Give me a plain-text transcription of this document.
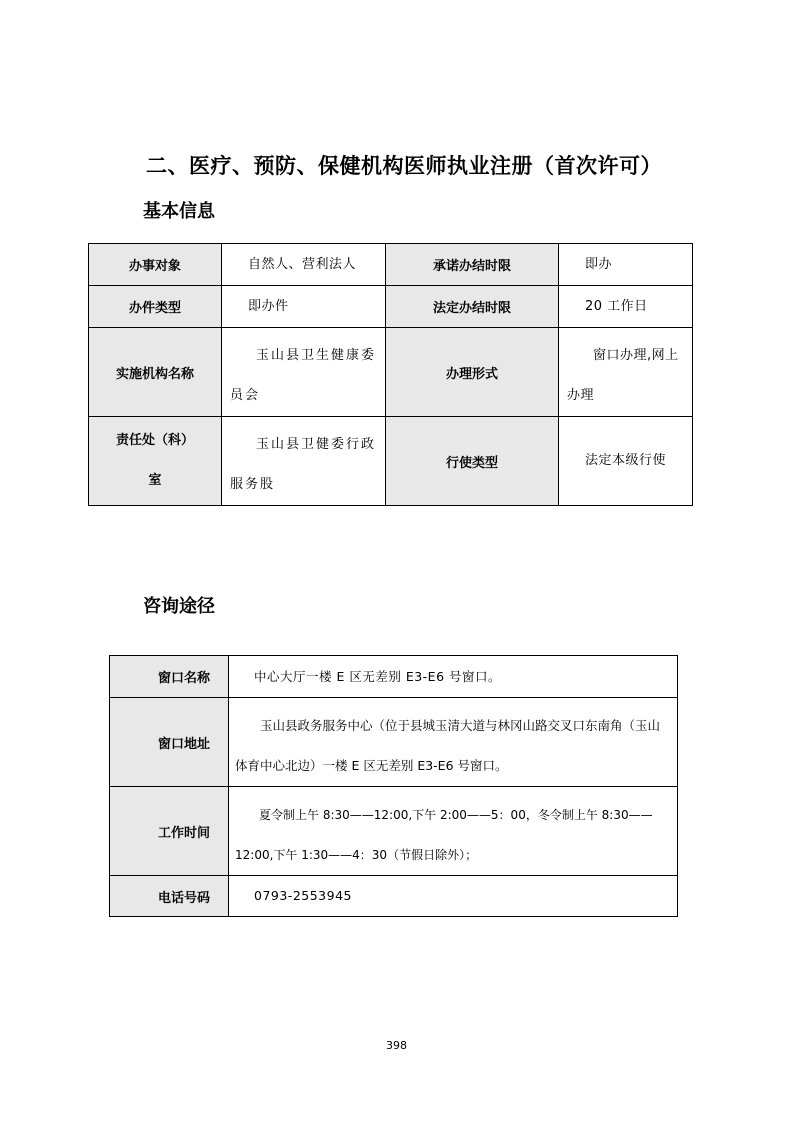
二、医疗、预防、保健机构医师执业注册（首次许可）
基本信息
办事对象	自然人、营利法人	承诺办结时限	即办

办件类型	即办件	法定办结时限	20 工作日

实施机构名称	玉山县卫生健康委员会	办理形式	窗口办理,网上办理

责任处（科）室	玉山县卫健委行政服务股	行使类型	法定本级行使
咨询途径
窗口名称	中心大厅一楼 E 区无差别 E3-E6 号窗口。

窗口地址	玉山县政务服务中心（位于县城玉清大道与林冈山路交叉口东南角（玉山体育中心北边）一楼 E 区无差别 E3-E6 号窗口。

工作时间	夏令制上午 8:30——12:00,下午 2:00——5：00，冬令制上午 8:30——12:00,下午 1:30——4：30（节假日除外）；

电话号码	0793-2553945
398
